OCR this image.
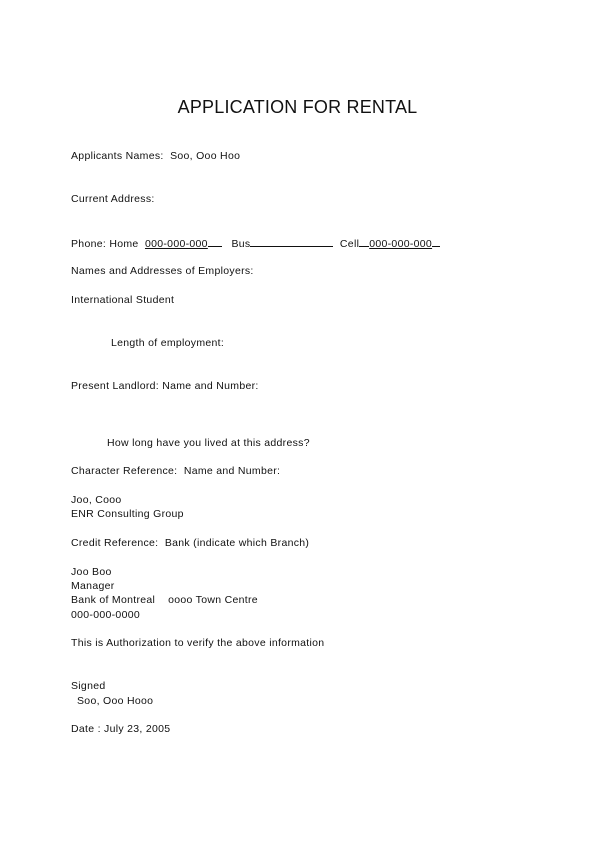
APPLICATION FOR RENTAL
Applicants Names: Soo, Ooo Hoo
Current Address:
Phone: Home 000-000-000 Bus	Cell 000-000-000
Names and Addresses of Employers:
International Student
Length of employment:
Present Landlord: Name and Number:
How long have you lived at this address?
Character Reference:  Name and Number:
Joo, Cooo
ENR Consulting Group
Credit Reference:  Bank (indicate which Branch)
Joo Boo
Manager
Bank of Montreal oooo Town Centre
000-000-0000
This is Authorization to verify the above information
Signed
Soo, Ooo Hooo
Date : July 23, 2005
